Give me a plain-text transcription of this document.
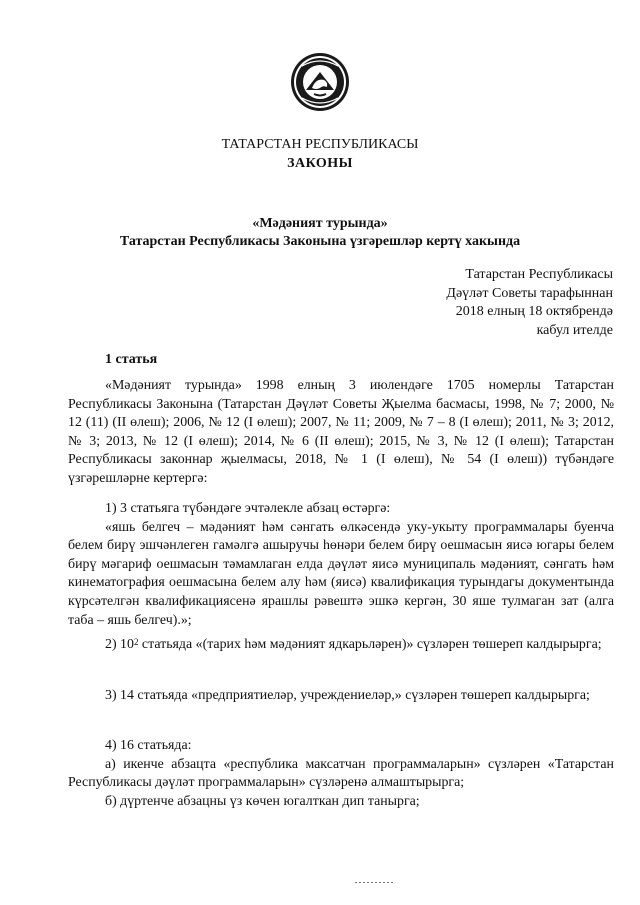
ТАТАРСТАН РЕСПУБЛИКАСЫ
ЗАКОНЫ
«Мәдәният турында»
Татарстан Республикасы Законына үзгәрешләр кертү хакында
Татарстан Республикасы
Дәүләт Советы тарафыннан
2018 елның 18 октябрендә
кабул ителде
1 статья
«Мәдәният турында» 1998 елның 3 июлендәге 1705 номерлы Татарстан Республикасы Законына (Татарстан Дәүләт Советы Җыелма басмасы, 1998, № 7; 2000, № 12 (11) (II өлеш); 2006, № 12 (I өлеш); 2007, № 11; 2009, № 7 – 8 (I өлеш); 2011, № 3; 2012, № 3; 2013, № 12 (I өлеш); 2014, № 6 (II өлеш); 2015, № 3, № 12 (I өлеш); Татарстан Республикасы законнар җыелмасы, 2018, № 1 (I өлеш), № 54 (I өлеш)) түбәндәге үзгәрешләрне кертергә:
1) 3 статьяга түбәндәге эчтәлекле абзац өстәргә:
«яшь белгеч – мәдәният һәм сәнгать өлкәсендә уку-укыту программалары буенча белем бирү эшчәнлеген гамәлгә ашыручы һөнәри белем бирү оешмасын яисә югары белем бирү мәгариф оешмасын тәмамлаган елда дәүләт яисә муниципаль мәдәният, сәнгать һәм кинематография оешмасына белем алу һәм (яисә) квалификация турындагы документында күрсәтелгән квалификациясенә ярашлы рәвештә эшкә кергән, 30 яше тулмаган зат (алга таба – яшь белгеч).»;
2) $10^2$ статьяда «(тарих һәм мәдәният ядкарьләрен)» сүзләрен төшереп калдырырга;
3) 14 статьяда «предприятиеләр, учреждениеләр,» сүзләрен төшереп калдырырга;
4) 16 статьяда:
а) икенче абзацта «республика максатчан программаларын» сүзләрен «Татарстан Республикасы дәүләт программаларын» сүзләренә алмаштырырга;
б) дүртенче абзацны үз көчен югалткан дип танырга;
